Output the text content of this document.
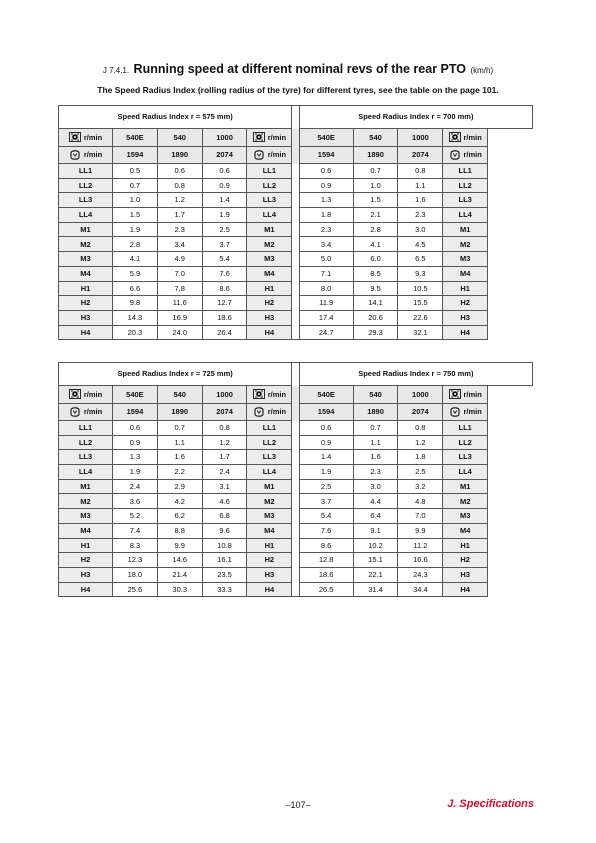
J 7.4.1. Running speed at different nominal revs of the rear PTO (km/h)
The Speed Radius Index (rolling radius of the tyre) for different tyres, see the table on the page 101.
Speed Radius Index r = 575 mm)						Speed Radius Index r = 700 mm)			

r/min	540E	540	1000	r/min		540E	540	1000	r/min

r/min	1594	1890	2074	r/min		1594	1890	2074	r/min

LL1	0.5	0.6	0.6	LL1		0.6	0.7	0.8	LL1
LL2	0.7	0.8	0.9	LL2		0.9	1.0	1.1	LL2
LL3	1.0	1.2	1.4	LL3		1.3	1.5	1.6	LL3
LL4	1.5	1.7	1.9	LL4		1.8	2.1	2.3	LL4
M1	1.9	2.3	2.5	M1		2.3	2.8	3.0	M1
M2	2.8	3.4	3.7	M2		3.4	4.1	4.5	M2
M3	4.1	4.9	5.4	M3		5.0	6.0	6.5	M3
M4	5.9	7.0	7.6	M4		7.1	8.5	9.3	M4
H1	6.6	7.8	8.6	H1		8.0	9.5	10.5	H1
H2	9.8	11.6	12.7	H2		11.9	14.1	15.5	H2
H3	14.3	16.9	18.6	H3		17.4	20.6	22.6	H3
H4	20.3	24.0	26.4	H4		24.7	29.3	32.1	H4
Speed Radius Index r = 725 mm)						Speed Radius Index r = 750 mm)			

r/min	540E	540	1000	r/min		540E	540	1000	r/min

r/min	1594	1890	2074	r/min		1594	1890	2074	r/min

LL1	0.6	0.7	0.8	LL1		0.6	0.7	0.8	LL1
LL2	0.9	1.1	1.2	LL2		0.9	1.1	1.2	LL2
LL3	1.3	1.6	1.7	LL3		1.4	1.6	1.8	LL3
LL4	1.9	2.2	2.4	LL4		1.9	2.3	2.5	LL4
M1	2.4	2.9	3.1	M1		2.5	3.0	3.2	M1
M2	3.6	4.2	4.6	M2		3.7	4.4	4.8	M2
M3	5.2	6.2	6.8	M3		5.4	6.4	7.0	M3
M4	7.4	8.8	9.6	M4		7.6	9.1	9.9	M4
H1	8.3	9.9	10.8	H1		8.6	10.2	11.2	H1
H2	12.3	14.6	16.1	H2		12.8	15.1	16.6	H2
H3	18.0	21.4	23.5	H3		18.6	22.1	24.3	H3
H4	25.6	30.3	33.3	H4		26.5	31.4	34.4	H4
–107–	J. Specifications
